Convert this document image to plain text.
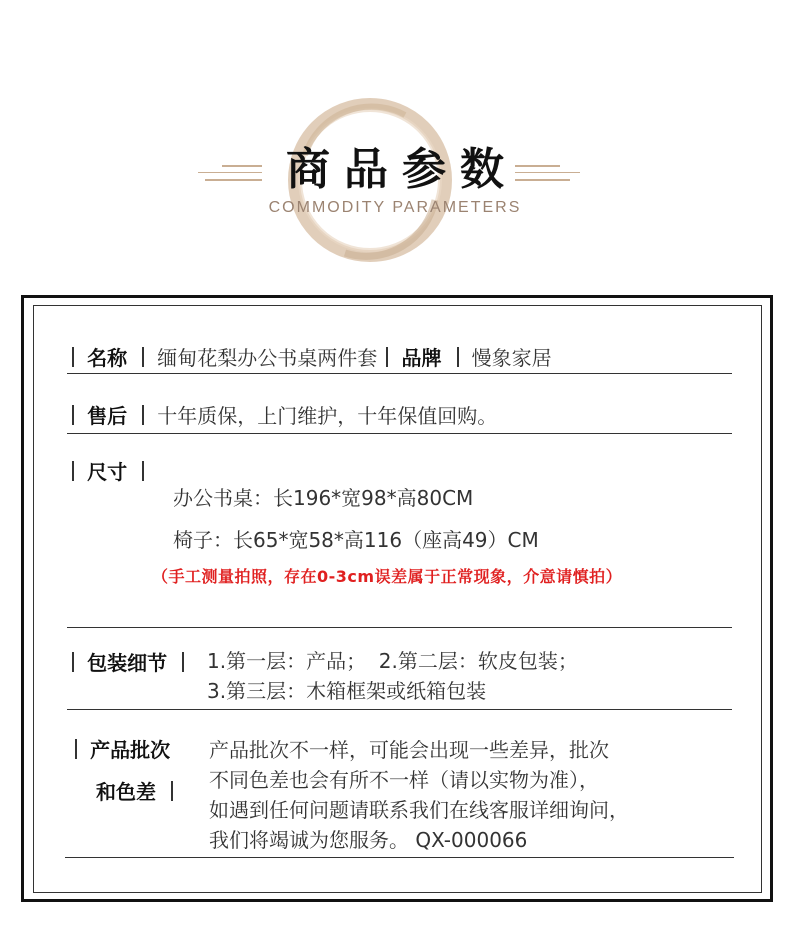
商品参数
COMMODITY PARAMETERS
名称 缅甸花梨办公书桌两件套 品牌 慢象家居
售后 十年质保，上门维护，十年保值回购。
尺寸
办公书桌：长196*宽98*高80CM
椅子：长65*宽58*高116（座高49）CM
（手工测量拍照，存在0-3cm误差属于正常现象，介意请慎拍）
包装细节	1.第一层：产品；  2.第二层：软皮包装；
3.第三层：木箱框架或纸箱包装
产品批次
和色差
产品批次不一样，可能会出现一些差异，批次
不同色差也会有所不一样（请以实物为准），
如遇到任何问题请联系我们在线客服详细询问，
我们将竭诚为您服务。 QX-000066
